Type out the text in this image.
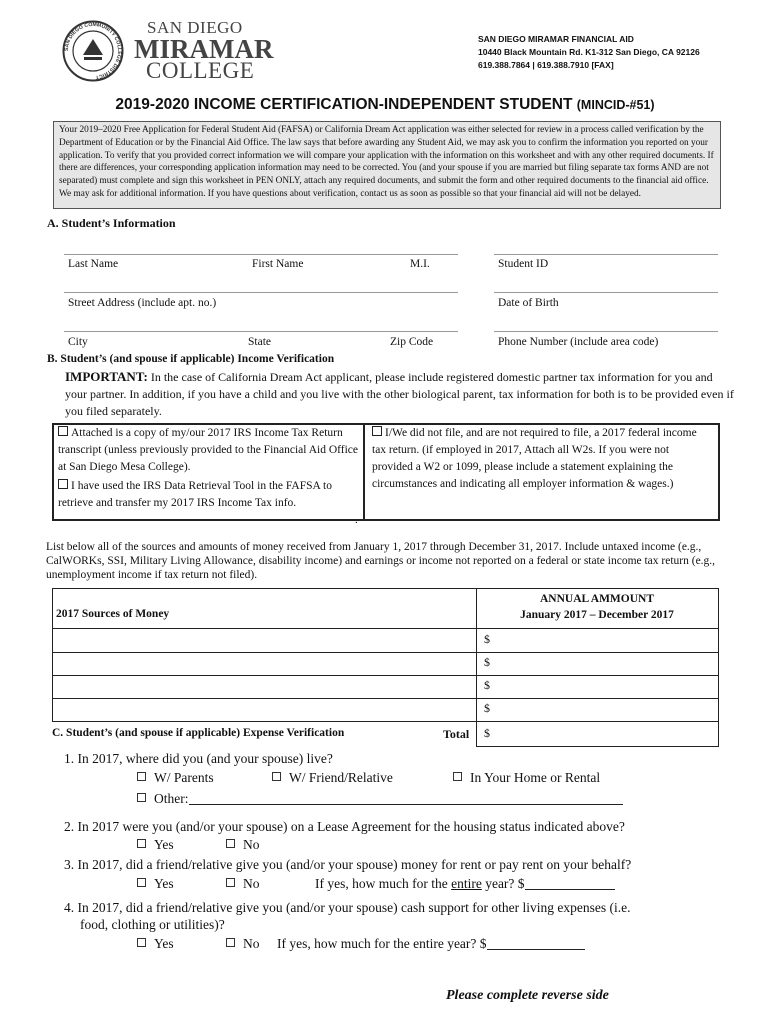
SAN DIEGO COMMUNITY COLLEGE DISTRICT
SAN DIEGO
MIRAMAR
COLLEGE
SAN DIEGO MIRAMAR FINANCIAL AID
10440 Black Mountain Rd. K1-312 San Diego, CA 92126
619.388.7864 | 619.388.7910 [FAX]
2019-2020 INCOME CERTIFICATION-INDEPENDENT STUDENT (MINCID-#51)
Your 2019–2020 Free Application for Federal Student Aid (FAFSA) or California Dream Act application was either selected for review in a process called verification by the Department of Education or by the Financial Aid Office. The law says that before awarding any Student Aid, we may ask you to confirm the information you reported on your application. To verify that you provided correct information we will compare your application with the information on this worksheet and with any other required documents. If there are differences, your corresponding application information may need to be corrected. You (and your spouse if you are married but filing separate tax forms AND are not separated) must complete and sign this worksheet in PEN ONLY, attach any required documents, and submit the form and other required documents to the financial aid office. We may ask for additional information. If you have questions about verification, contact us as soon as possible so that your financial aid will not be delayed.
A. Student’s Information
Last Name	First Name	M.I.	Student ID
Street Address (include apt. no.)	Date of Birth
City	State	Zip Code	Phone Number (include area code)
B. Student’s (and spouse if applicable) Income Verification
IMPORTANT: In the case of California Dream Act applicant, please include registered domestic partner tax information for you and your partner. In addition, if you have a child and you live with the other biological parent, tax information for both is to be provided even if you filed separately.
Attached is a copy of my/our 2017 IRS Income Tax Return transcript (unless previously provided to the Financial Aid Office at San Diego Mesa College).
I have used the IRS Data Retrieval Tool in the FAFSA to retrieve and transfer my 2017 IRS Income Tax info.
I/We did not file, and are not required to file, a 2017 federal income tax return. (if employed in 2017, Attach all W2s. If you were not provided a W2 or 1099, please include a statement explaining the circumstances and indicating all employer information & wages.)
.
List below all of the sources and amounts of money received from January 1, 2017 through December 31, 2017. Include untaxed income (e.g., CalWORKs, SSI, Military Living Allowance, disability income) and earnings or income not reported on a federal or state income tax return (e.g., unemployment income if tax return not filed).
2017 Sources of Money
ANNUAL AMMOUNT
January 2017 – December 2017
$
$
$
$
Total $
C. Student’s (and spouse if applicable) Expense Verification
1. In 2017, where did you (and your spouse) live?
W/ Parents	W/ Friend/Relative	In Your Home or Rental
Other:
2. In 2017 were you (and/or your spouse) on a Lease Agreement for the housing status indicated above?
Yes	No
3. In 2017, did a friend/relative give you (and/or your spouse) money for rent or pay rent on your behalf?
Yes	No	If yes, how much for the entire year? $
4. In 2017, did a friend/relative give you (and/or your spouse) cash support for other living expenses (i.e.
food, clothing or utilities)?
Yes	No If yes, how much for the entire year? $
Please complete reverse side
